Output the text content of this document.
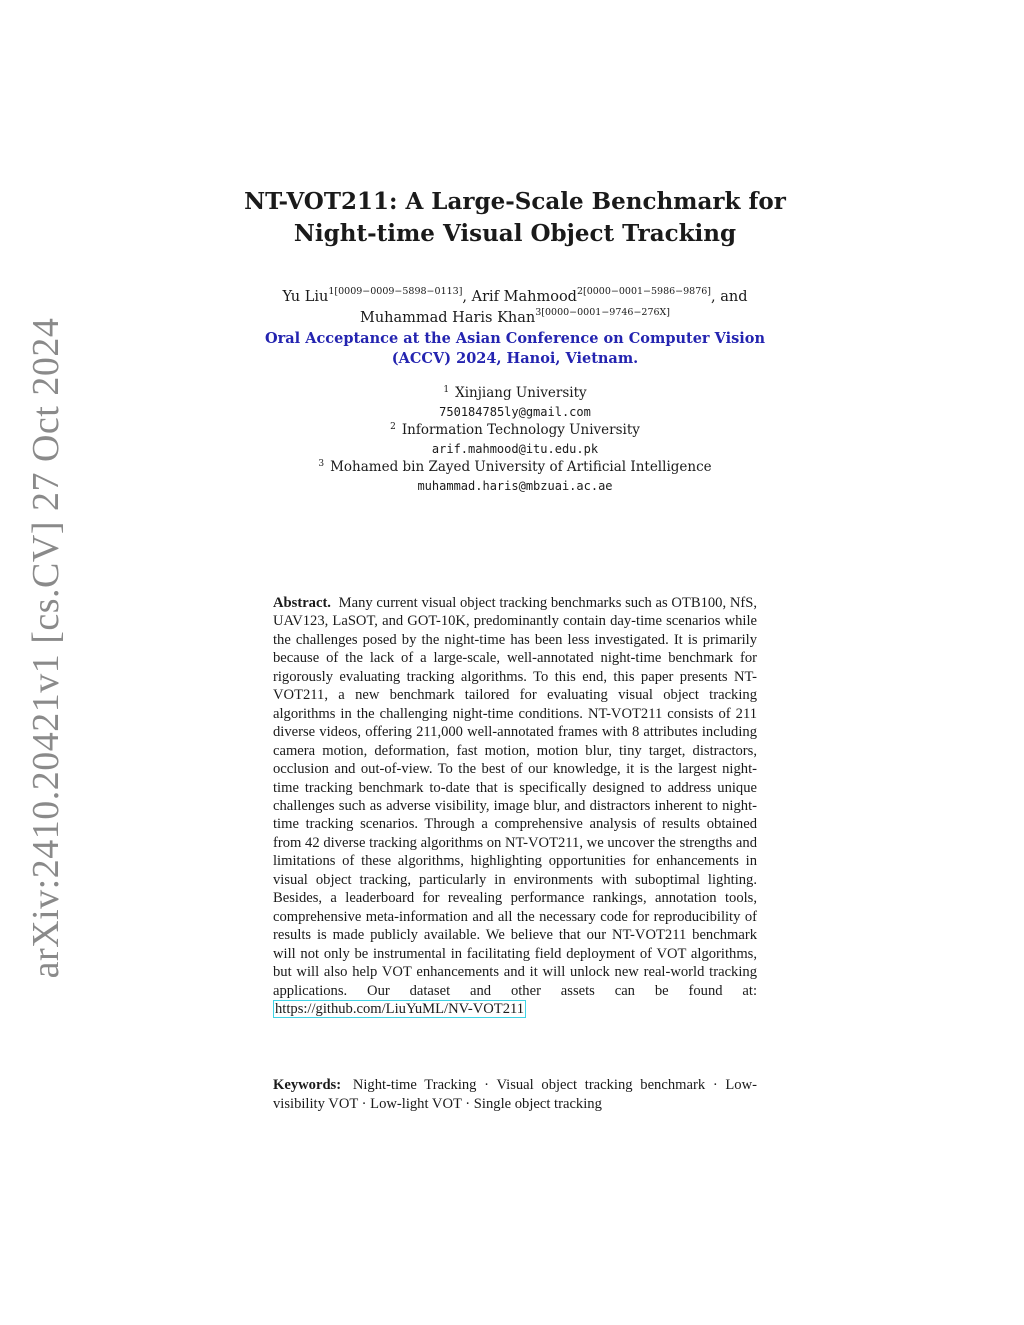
arXiv:2410.20421v1 [cs.CV] 27 Oct 2024
NT-VOT211: A Large-Scale Benchmark for
Night-time Visual Object Tracking
Yu Liu$^{1[0009-0009-5898-0113]}$, Arif Mahmood$^{2[0000-0001-5986-9876]}$, and
Muhammad Haris Khan$^{3[0000-0001-9746-276X]}$
Oral Acceptance at the Asian Conference on Computer Vision
(ACCV) 2024, Hanoi, Vietnam.
$^1$ Xinjiang University
750184785ly@gmail.com
$^2$ Information Technology University
arif.mahmood@itu.edu.pk
$^3$ Mohamed bin Zayed University of Artificial Intelligence
muhammad.haris@mbzuai.ac.ae

Abstract. Many current visual object tracking benchmarks such as OTB100, NfS, UAV123, LaSOT, and GOT-10K, predominantly contain day-time scenarios while the challenges posed by the night-time has been less investigated. It is primarily because of the lack of a large-scale, well-annotated night-time benchmark for rigorously evaluating tracking algorithms. To this end, this paper presents NT-VOT211, a new benchmark tailored for evaluating visual object tracking algorithms in the challenging night-time conditions. NT-VOT211 consists of 211 diverse videos, offering 211,000 well-annotated frames with 8 attributes including camera motion, deformation, fast motion, motion blur, tiny target, distractors, occlusion and out-of-view. To the best of our knowledge, it is the largest night-time tracking benchmark to-date that is specifically designed to address unique challenges such as adverse visibility, image blur, and distractors inherent to night-time tracking scenarios. Through a comprehensive analysis of results obtained from 42 diverse tracking algorithms on NT-VOT211, we uncover the strengths and limitations of these algorithms, highlighting opportunities for enhancements in visual object tracking, particularly in environments with suboptimal lighting. Besides, a leaderboard for revealing performance rankings, annotation tools, comprehensive meta-information and all the necessary code for reproducibility of results is made publicly available. We believe that our NT-VOT211 benchmark will not only be instrumental in facilitating field deployment of VOT algorithms, but will also help VOT enhancements and it will unlock new real-world tracking applications. Our dataset and other assets can be found at: https://github.com/LiuYuML/NV-VOT211

Keywords: Night-time Tracking · Visual object tracking benchmark · Low-visibility VOT · Low-light VOT · Single object tracking
